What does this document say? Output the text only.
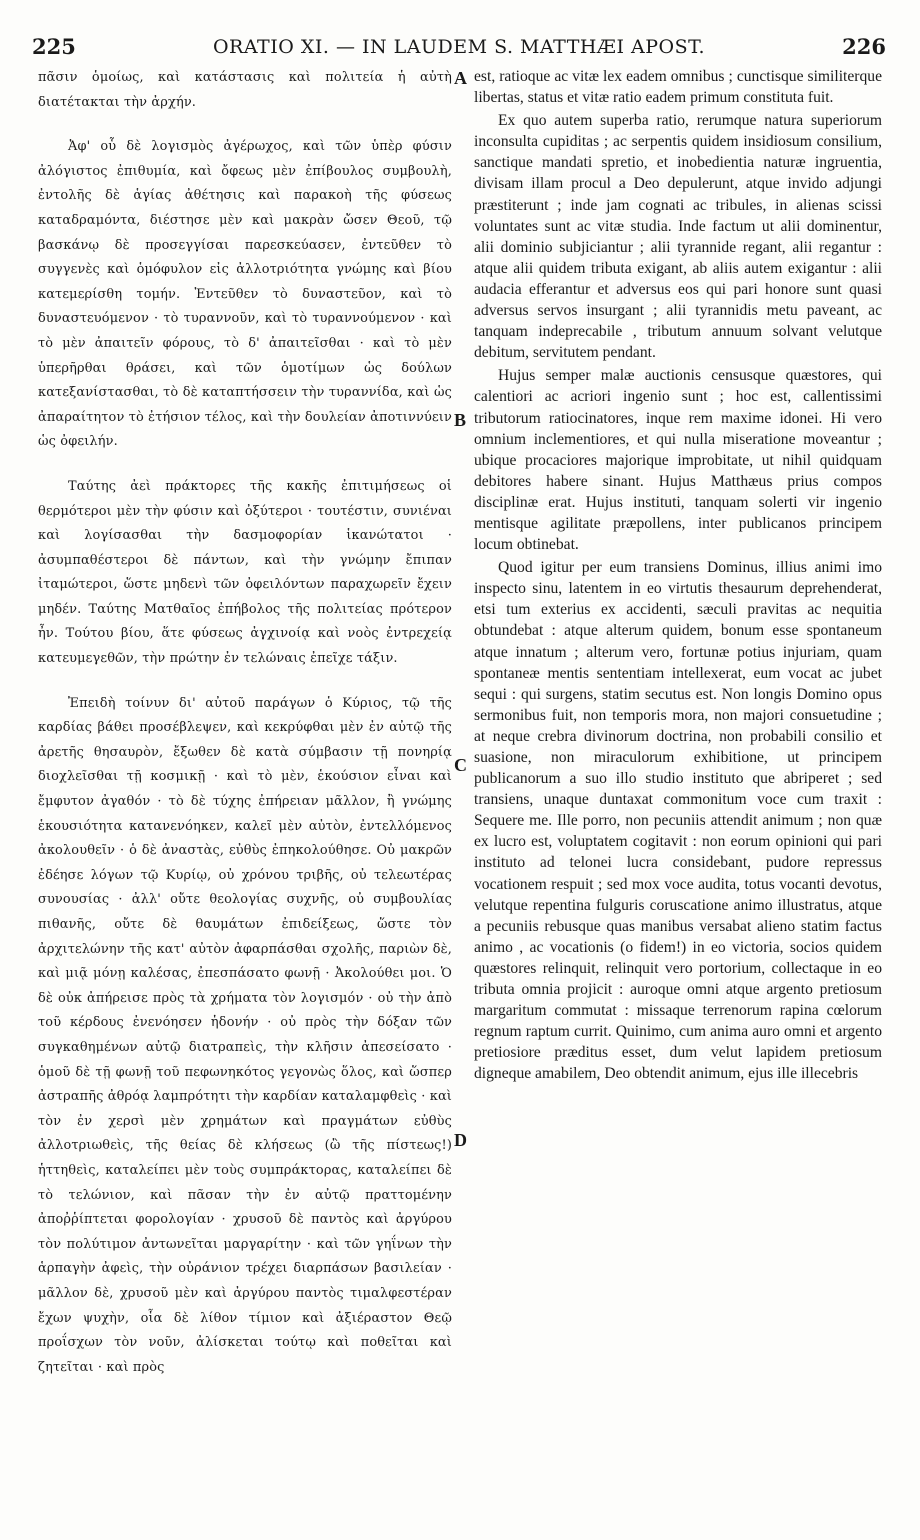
225	ORATIO XI. — IN LAUDEM S. MATTHÆI APOST.	226

πᾶσιν ὁμοίως, καὶ κατάστασις καὶ πολιτεία ἡ αὐτὴ διατέτακται τὴν ἀρχήν.

Ἀφ' οὗ δὲ λογισμὸς ἀγέρωχος, καὶ τῶν ὑπὲρ φύσιν ἀλόγιστος ἐπιθυμία, καὶ ὄφεως μὲν ἐπίβουλος συμβουλὴ, ἐντολῆς δὲ ἁγίας ἀθέτησις καὶ παρακοὴ τῆς φύσεως καταδραμόντα, διέστησε μὲν καὶ μακρὰν ὤσεν Θεοῦ, τῷ βασκάνῳ δὲ προσεγγίσαι παρεσκεύασεν, ἐντεῦθεν τὸ συγγενὲς καὶ ὁμόφυλον εἰς ἀλλοτριότητα γνώμης καὶ βίου κατεμερίσθη τομήν. Ἐντεῦθεν τὸ δυναστεῦον, καὶ τὸ δυναστευόμενον · τὸ τυραννοῦν, καὶ τὸ τυραννούμενον · καὶ τὸ μὲν ἀπαιτεῖν φόρους, τὸ δ' ἀπαιτεῖσθαι · καὶ τὸ μὲν ὑπερῆρθαι θράσει, καὶ τῶν ὁμοτίμων ὡς δούλων κατεξανίστασθαι, τὸ δὲ καταπτήσσειν τὴν τυραννίδα, καὶ ὡς ἀπαραίτητον τὸ ἐτήσιον τέλος, καὶ τὴν δουλείαν ἀποτιννύειν ὡς ὀφειλήν.

Ταύτης ἀεὶ πράκτορες τῆς κακῆς ἐπιτιμήσεως οἱ θερμότεροι μὲν τὴν φύσιν καὶ ὀξύτεροι · τουτέστιν, συνιέναι καὶ λογίσασθαι τὴν δασμοφορίαν ἱκανώτατοι · ἀσυμπαθέστεροι δὲ πάντων, καὶ τὴν γνώμην ἔπιπαν ἰταμώτεροι, ὥστε μηδενὶ τῶν ὀφειλόντων παραχωρεῖν ἔχειν μηδέν. Ταύτης Ματθαῖος ἐπήβολος τῆς πολιτείας πρότερον ἦν. Τούτου βίου, ἅτε φύσεως ἀγχινοίᾳ καὶ νοὸς ἐντρεχείᾳ κατευμεγεθῶν, τὴν πρώτην ἐν τελώναις ἐπεῖχε τάξιν.

Ἐπειδὴ τοίνυν δι' αὐτοῦ παράγων ὁ Κύριος, τῷ τῆς καρδίας βάθει προσέβλεψεν, καὶ κεκρύφθαι μὲν ἐν αὐτῷ τῆς ἀρετῆς θησαυρὸν, ἔξωθεν δὲ κατὰ σύμβασιν τῇ πονηρίᾳ διοχλεῖσθαι τῇ κοσμικῇ · καὶ τὸ μὲν, ἑκούσιον εἶναι καὶ ἔμφυτον ἀγαθόν · τὸ δὲ τύχης ἐπήρειαν μᾶλλον, ἢ γνώμης ἑκουσιότητα κατανενόηκεν, καλεῖ μὲν αὐτὸν, ἐντελλόμενος ἀκολουθεῖν · ὁ δὲ ἀναστὰς, εὐθὺς ἐπηκολούθησε. Οὐ μακρῶν ἐδέησε λόγων τῷ Κυρίῳ, οὐ χρόνου τριβῆς, οὐ τελεωτέρας συνουσίας · ἀλλ' οὔτε θεολογίας συχνῆς, οὐ συμβουλίας πιθανῆς, οὔτε δὲ θαυμάτων ἐπιδείξεως, ὥστε τὸν ἀρχιτελώνην τῆς κατ' αὐτὸν ἀφαρπάσθαι σχολῆς, παριὼν δὲ, καὶ μιᾷ μόνῃ καλέσας, ἐπεσπάσατο φωνῇ · Ἀκολούθει μοι. Ὁ δὲ οὐκ ἀπήρεισε πρὸς τὰ χρήματα τὸν λογισμόν · οὐ τὴν ἀπὸ τοῦ κέρδους ἐνενόησεν ἡδονήν · οὐ πρὸς τὴν δόξαν τῶν συγκαθημένων αὐτῷ διατραπεὶς, τὴν κλῆσιν ἀπεσείσατο · ὁμοῦ δὲ τῇ φωνῇ τοῦ πεφωνηκότος γεγονὼς ὅλος, καὶ ὥσπερ ἀστραπῆς ἀθρόᾳ λαμπρότητι τὴν καρδίαν καταλαμφθεὶς · καὶ τὸν ἐν χερσὶ μὲν χρημάτων καὶ πραγμάτων εὐθὺς ἀλλοτριωθεὶς, τῆς θείας δὲ κλήσεως (ὢ τῆς πίστεως!) ἡττηθεὶς, καταλείπει μὲν τοὺς συμπράκτορας, καταλείπει δὲ τὸ τελώνιον, καὶ πᾶσαν τὴν ἐν αὐτῷ πραττομένην ἀποῤῥίπτεται φορολογίαν · χρυσοῦ δὲ παντὸς καὶ ἀργύρου τὸν πολύτιμον ἀντωνεῖται μαργαρίτην · καὶ τῶν γηΐνων τὴν ἁρπαγὴν ἀφεὶς, τὴν οὐράνιον τρέχει διαρπάσων βασιλείαν · μᾶλλον δὲ, χρυσοῦ μὲν καὶ ἀργύρου παντὸς τιμαλφεστέραν ἔχων ψυχὴν, οἷα δὲ λίθον τίμιον καὶ ἀξιέραστον Θεῷ προΐσχων τὸν νοῦν, ἀλίσκεται τούτῳ καὶ ποθεῖται καὶ ζητεῖται · καὶ πρὸς

A
B
C
D

est, ratioque ac vitæ lex eadem omnibus ; cunctisque similiterque libertas, status et vitæ ratio eadem primum constituta fuit.

Ex quo autem superba ratio, rerumque natura superiorum inconsulta cupiditas ; ac serpentis quidem insidiosum consilium, sanctique mandati spretio, et inobedientia naturæ ingruentia, divisam illam procul a Deo depulerunt, atque invido adjungi præstiterunt ; inde jam cognati ac tribules, in alienas scissi voluntates sunt ac vitæ studia. Inde factum ut alii dominentur, alii dominio subjiciantur ; alii tyrannide regant, alii regantur : atque alii quidem tributa exigant, ab aliis autem exigantur : alii audacia efferantur et adversus eos qui pari honore sunt quasi adversus servos insurgant ; alii tyrannidis metu paveant, ac tanquam indeprecabile , tributum annuum solvant velutque debitum, servitutem pendant.

Hujus semper malæ auctionis censusque quæstores, qui calentiori ac acriori ingenio sunt ; hoc est, callentissimi tributorum ratiocinatores, inque rem maxime idonei. Hi vero omnium inclementiores, et qui nulla miseratione moveantur ; ubique procaciores majorique improbitate, ut nihil quidquam debitores habere sinant. Hujus Matthæus prius compos disciplinæ erat. Hujus instituti, tanquam solerti vir ingenio mentisque agilitate præpollens, inter publicanos principem locum obtinebat.

Quod igitur per eum transiens Dominus, illius animi imo inspecto sinu, latentem in eo virtutis thesaurum deprehenderat, etsi tum exterius ex accidenti, sæculi pravitas ac nequitia obtundebat : atque alterum quidem, bonum esse spontaneum atque innatum ; alterum vero, fortunæ potius injuriam, quam spontaneæ mentis sententiam intellexerat, eum vocat ac jubet sequi : qui surgens, statim secutus est. Non longis Domino opus sermonibus fuit, non temporis mora, non majori consuetudine ; at neque crebra divinorum doctrina, non probabili consilio et suasione, non miraculorum exhibitione, ut principem publicanorum a suo illo studio instituto que abriperet ; sed transiens, unaque duntaxat commonitum voce cum traxit : Sequere me. Ille porro, non pecuniis attendit animum ; non quæ ex lucro est, voluptatem cogitavit : non eorum opinioni qui pari instituto ad telonei lucra considebant, pudore repressus vocationem respuit ; sed mox voce audita, totus vocanti devotus, velutque repentina fulguris coruscatione animo illustratus, atque a pecuniis rebusque quas manibus versabat alieno statim factus animo , ac vocationis (o fidem!) in eo victoria, socios quidem quæstores relinquit, relinquit vero portorium, collectaque in eo tributa omnia projicit : auroque omni atque argento pretiosum margaritum commutat : missaque terrenorum rapina cœlorum regnum raptum currit. Quinimo, cum anima auro omni et argento pretiosiore præditus esset, dum velut lapidem pretiosum digneque amabilem, Deo obtendit animum, ejus ille illecebris
